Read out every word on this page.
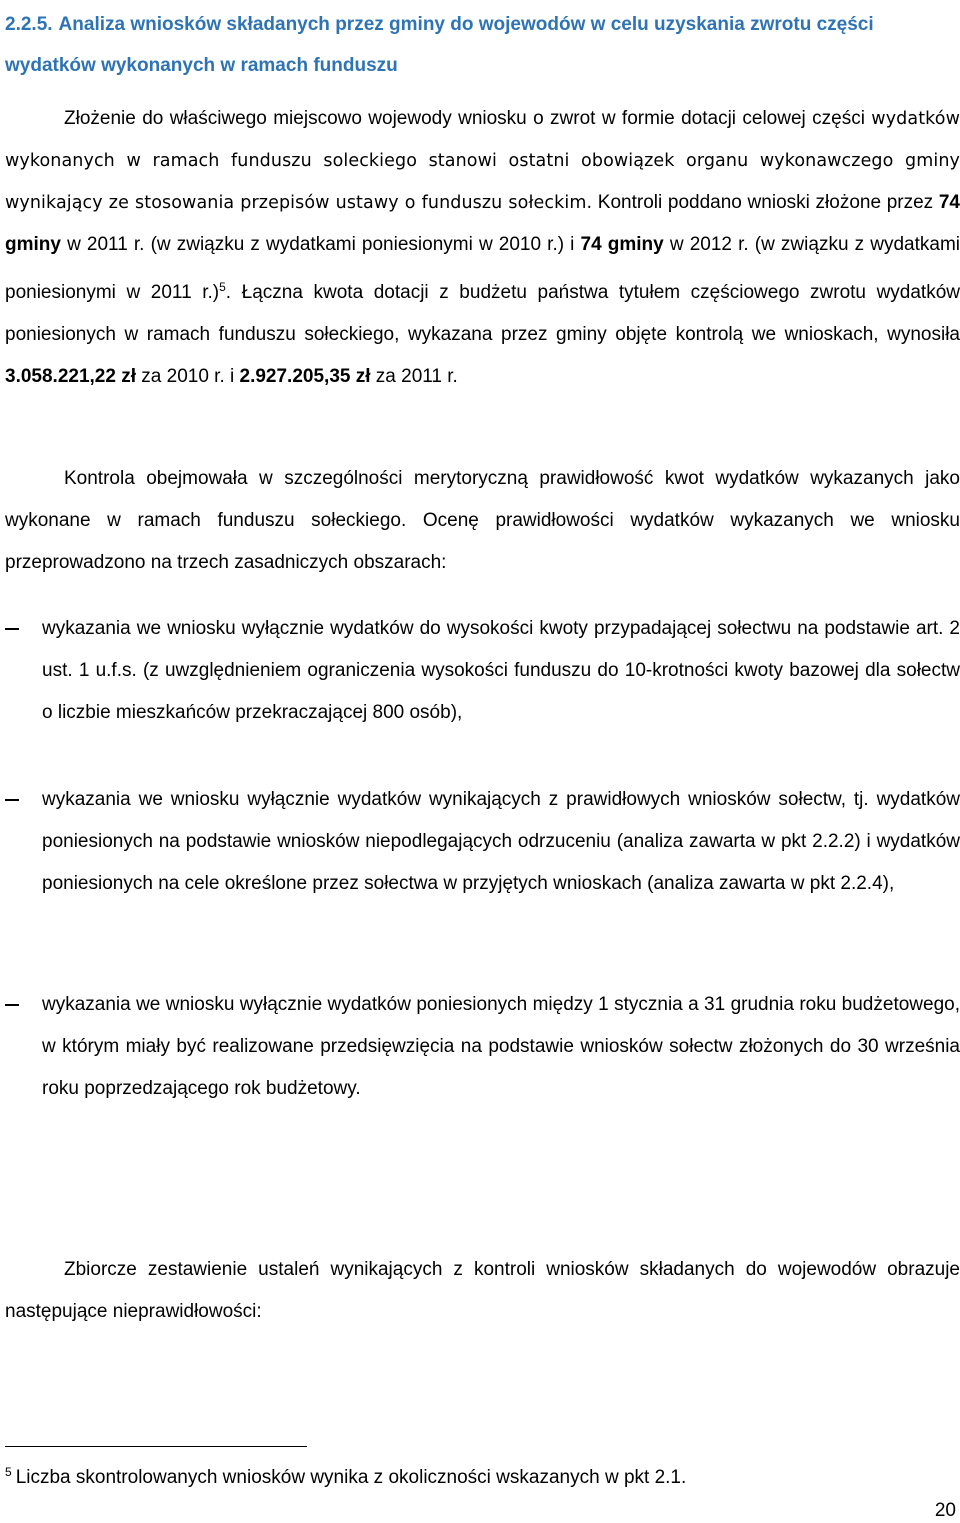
2.2.5. Analiza wniosków składanych przez gminy do wojewodów w celu uzyskania zwrotu części wydatków wykonanych w ramach funduszu

Złożenie do właściwego miejscowo wojewody wniosku o zwrot w formie dotacji celowej części wydatków wykonanych w ramach funduszu soleckiego stanowi ostatni obowiązek organu wykonawczego gminy wynikający ze stosowania przepisów ustawy o funduszu sołeckim. Kontroli poddano wnioski złożone przez 74 gminy w 2011 r. (w związku z wydatkami poniesionymi w 2010 r.) i 74 gminy w 2012 r. (w związku z wydatkami poniesionymi w 2011 r.)$^5$. Łączna kwota dotacji z budżetu państwa tytułem częściowego zwrotu wydatków poniesionych w ramach funduszu sołeckiego, wykazana przez gminy objęte kontrolą we wnioskach, wynosiła 3.058.221,22 zł za 2010 r. i 2.927.205,35 zł za 2011 r.

Kontrola obejmowała w szczególności merytoryczną prawidłowość kwot wydatków wykazanych jako wykonane w ramach funduszu sołeckiego. Ocenę prawidłowości wydatków wykazanych we wniosku przeprowadzono na trzech zasadniczych obszarach:

wykazania we wniosku wyłącznie wydatków do wysokości kwoty przypadającej sołectwu na podstawie art. 2 ust. 1 u.f.s. (z uwzględnieniem ograniczenia wysokości funduszu do 10-krotności kwoty bazowej dla sołectw o liczbie mieszkańców przekraczającej 800 osób),
wykazania we wniosku wyłącznie wydatków wynikających z prawidłowych wniosków sołectw, tj. wydatków poniesionych na podstawie wniosków niepodlegających odrzuceniu (analiza zawarta w pkt 2.2.2) i wydatków poniesionych na cele określone przez sołectwa w przyjętych wnioskach (analiza zawarta w pkt 2.2.4),
wykazania we wniosku wyłącznie wydatków poniesionych między 1 stycznia a 31 grudnia roku budżetowego, w którym miały być realizowane przedsięwzięcia na podstawie wniosków sołectw złożonych do 30 września roku poprzedzającego rok budżetowy.

Zbiorcze zestawienie ustaleń wynikających z kontroli wniosków składanych do wojewodów obrazuje następujące nieprawidłowości:

$^5$ Liczba skontrolowanych wniosków wynika z okoliczności wskazanych w pkt 2.1.
20
